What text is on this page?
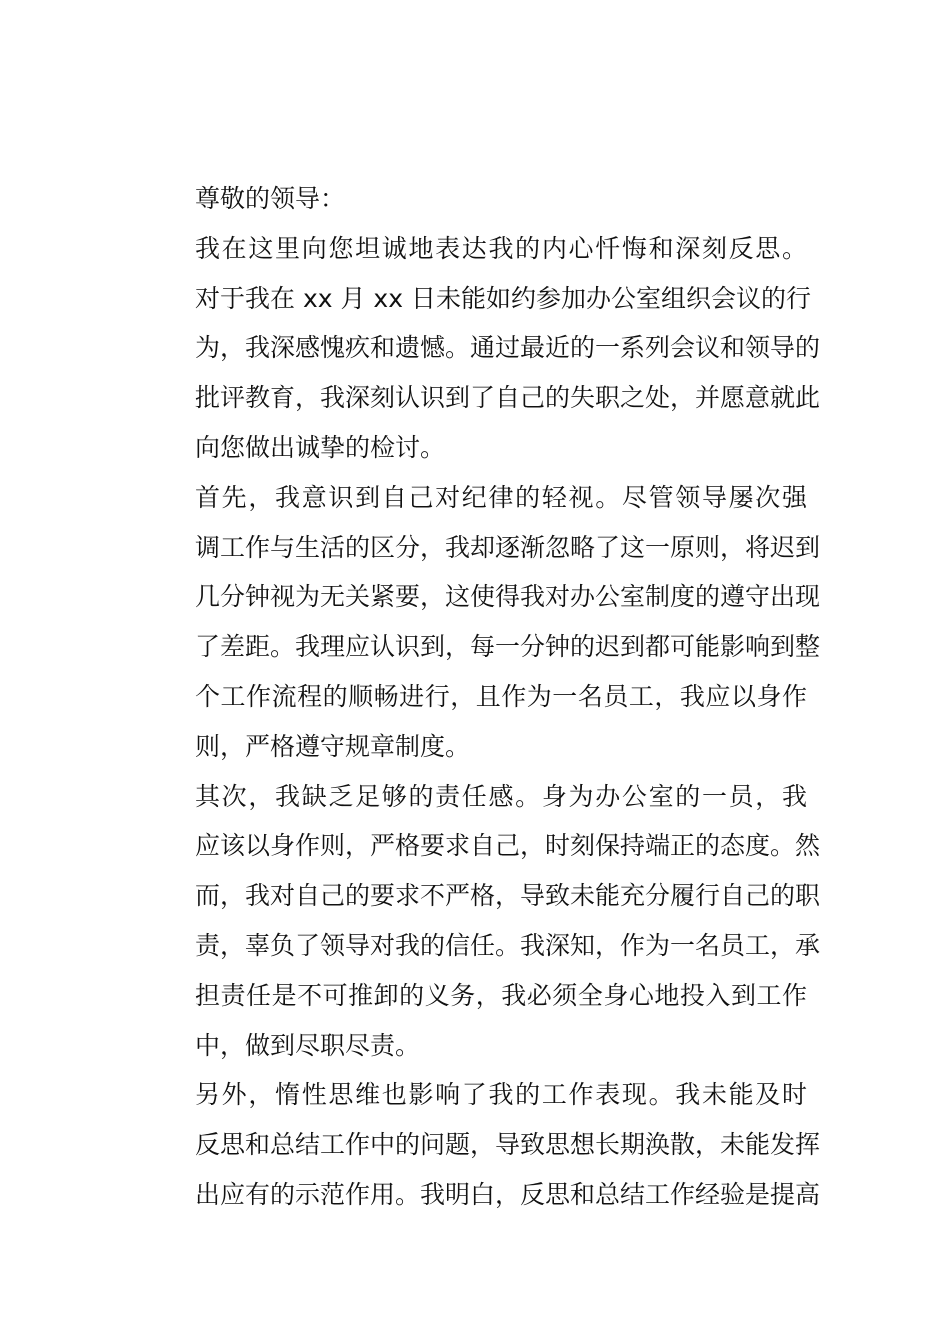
尊敬的领导：

我在这里向您坦诚地表达我的内心忏悔和深刻反思。
对于我在 xx 月 xx 日未能如约参加办公室组织会议的行
为，我深感愧疚和遗憾。通过最近的一系列会议和领导的
批评教育，我深刻认识到了自己的失职之处，并愿意就此
向您做出诚挚的检讨。

首先，我意识到自己对纪律的轻视。尽管领导屡次强
调工作与生活的区分，我却逐渐忽略了这一原则，将迟到
几分钟视为无关紧要，这使得我对办公室制度的遵守出现
了差距。我理应认识到，每一分钟的迟到都可能影响到整
个工作流程的顺畅进行，且作为一名员工，我应以身作
则，严格遵守规章制度。

其次，我缺乏足够的责任感。身为办公室的一员，我
应该以身作则，严格要求自己，时刻保持端正的态度。然
而，我对自己的要求不严格，导致未能充分履行自己的职
责，辜负了领导对我的信任。我深知，作为一名员工，承
担责任是不可推卸的义务，我必须全身心地投入到工作
中，做到尽职尽责。

另外，惰性思维也影响了我的工作表现。我未能及时
反思和总结工作中的问题，导致思想长期涣散，未能发挥
出应有的示范作用。我明白，反思和总结工作经验是提高
